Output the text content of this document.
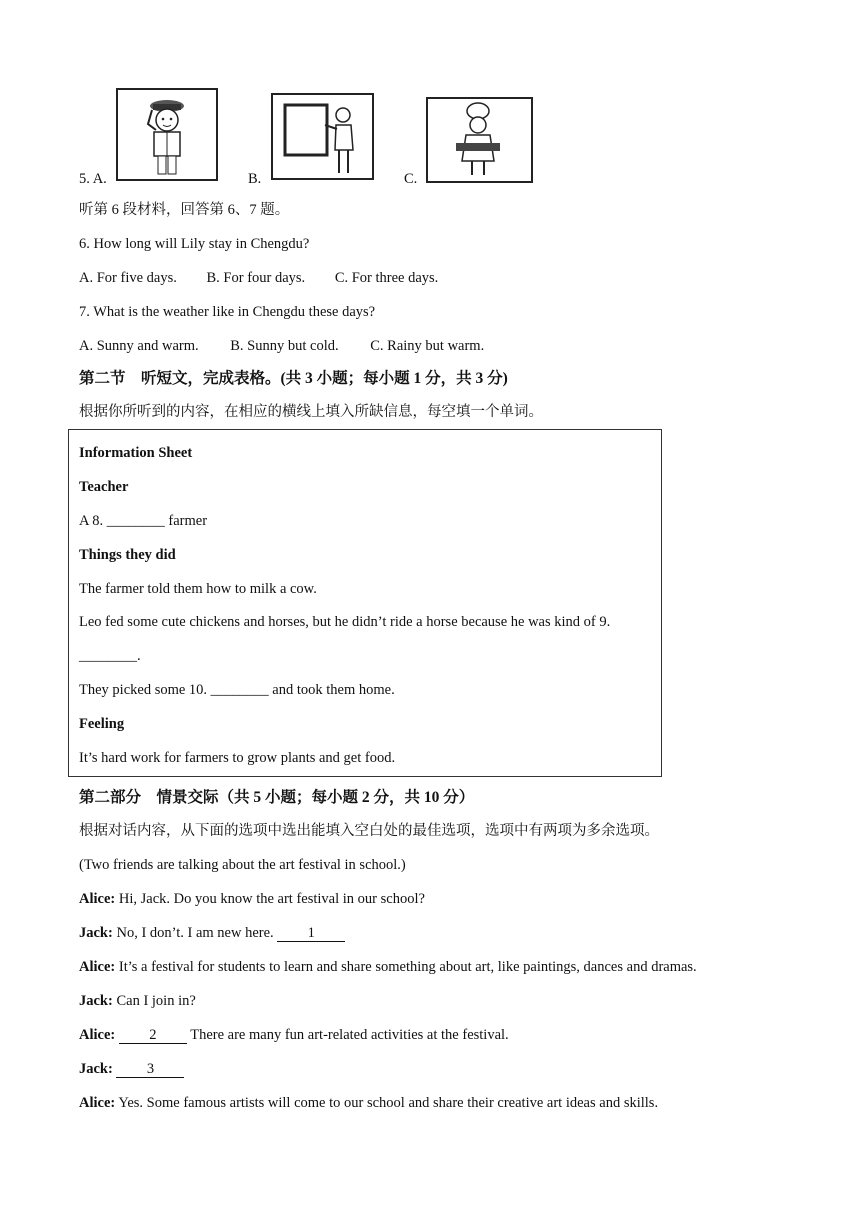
5. A.	B.	C.
听第 6 段材料，回答第 6、7 题。
6. How long will Lily stay in Chengdu?
A. For five days. B. For four days. C. For three days.
7. What is the weather like in Chengdu these days?
A. Sunny and warm. B. Sunny but cold. C. Rainy but warm.
第二节　听短文，完成表格。(共 3 小题；每小题 1 分，共 3 分)
根据你所听到的内容，在相应的横线上填入所缺信息，每空填一个单词。
Information Sheet
Teacher
A 8. ________ farmer
Things they did
The farmer told them how to milk a cow.
Leo fed some cute chickens and horses, but he didn’t ride a horse because he was kind of 9.
________.
They picked some 10. ________ and took them home.
Feeling
It’s hard work for farmers to grow plants and get food.
第二部分　情景交际（共 5 小题；每小题 2 分，共 10 分）
根据对话内容，从下面的选项中选出能填入空白处的最佳选项，选项中有两项为多余选项。
(Two friends are talking about the art festival in school.)
Alice: Hi, Jack. Do you know the art festival in our school?
Jack: No, I don’t. I am new here. 1
Alice: It’s a festival for students to learn and share something about art, like paintings, dances and dramas.
Jack: Can I join in?
Alice: 2 There are many fun art-related activities at the festival.
Jack: 3
Alice: Yes. Some famous artists will come to our school and share their creative art ideas and skills.
